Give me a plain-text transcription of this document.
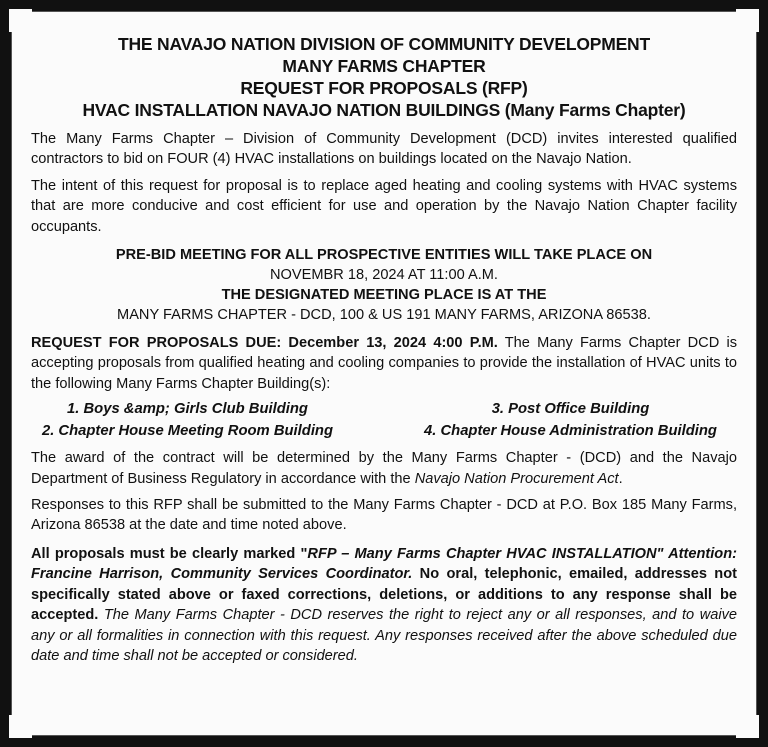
THE NAVAJO NATION DIVISION OF COMMUNITY DEVELOPMENT
MANY FARMS CHAPTER
REQUEST FOR PROPOSALS (RFP)
HVAC INSTALLATION NAVAJO NATION BUILDINGS (Many Farms Chapter)

The Many Farms Chapter – Division of Community Development (DCD) invites interested qualified contractors to bid on FOUR (4) HVAC installations on buildings located on the Navajo Nation.

The intent of this request for proposal is to replace aged heating and cooling systems with HVAC systems that are more conducive and cost efficient for use and operation by the Navajo Nation Chapter facility occupants.

PRE-BID MEETING FOR ALL PROSPECTIVE ENTITIES WILL TAKE PLACE ON
NOVEMBR 18, 2024 AT 11:00 A.M.
THE DESIGNATED MEETING PLACE IS AT THE
MANY FARMS CHAPTER - DCD, 100 & US 191 MANY FARMS, ARIZONA 86538.

REQUEST FOR PROPOSALS DUE: December 13, 2024 4:00 P.M. The Many Farms Chapter DCD is accepting proposals from qualified heating and cooling companies to provide the installation of HVAC units to the following Many Farms Chapter Building(s):

1. Boys &amp; Girls Club Building	3. Post Office Building
2. Chapter House Meeting Room Building	4. Chapter House Administration Building

The award of the contract will be determined by the Many Farms Chapter - (DCD) and the Navajo Department of Business Regulatory in accordance with the Navajo Nation Procurement Act.

Responses to this RFP shall be submitted to the Many Farms Chapter - DCD at P.O. Box 185 Many Farms, Arizona 86538 at the date and time noted above.

All proposals must be clearly marked "RFP – Many Farms Chapter HVAC INSTALLATION" Attention: Francine Harrison, Community Services Coordinator. No oral, telephonic, emailed, addresses not specifically stated above or faxed corrections, deletions, or additions to any response shall be accepted. The Many Farms Chapter - DCD reserves the right to reject any or all responses, and to waive any or all formalities in connection with this request. Any responses received after the above scheduled due date and time shall not be accepted or considered.
